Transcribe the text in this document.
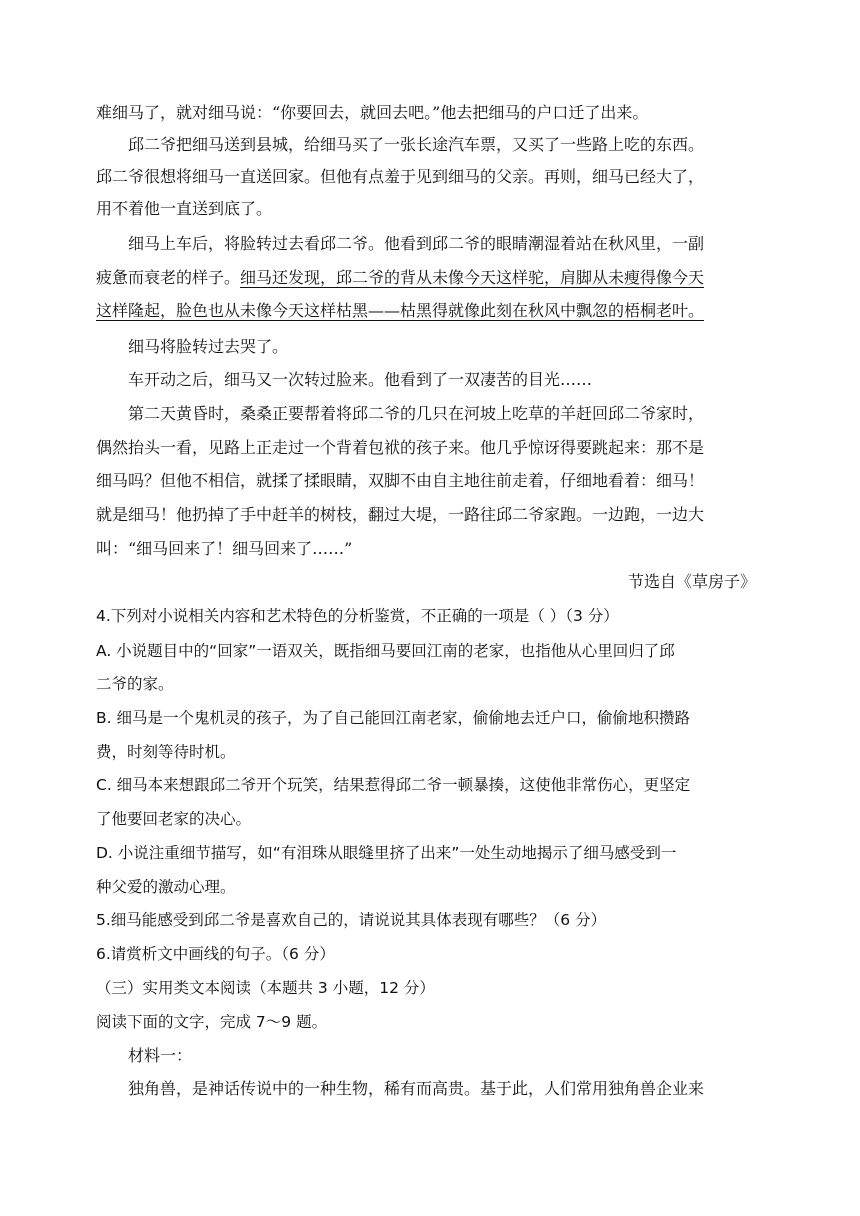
难细马了，就对细马说：“你要回去，就回去吧。”他去把细马的户口迁了出来。
邱二爷把细马送到县城，给细马买了一张长途汽车票，又买了一些路上吃的东西。
邱二爷很想将细马一直送回家。但他有点羞于见到细马的父亲。再则，细马已经大了，
用不着他一直送到底了。
细马上车后，将脸转过去看邱二爷。他看到邱二爷的眼睛潮湿着站在秋风里，一副
疲惫而衰老的样子。细马还发现，邱二爷的背从未像今天这样驼，肩脚从未瘦得像今天
这样隆起，脸色也从未像今天这样枯黑——枯黑得就像此刻在秋风中飘忽的梧桐老叶。
细马将脸转过去哭了。
车开动之后，细马又一次转过脸来。他看到了一双凄苦的目光……
第二天黄昏时，桑桑正要帮着将邱二爷的几只在河坡上吃草的羊赶回邱二爷家时，
偶然抬头一看，见路上正走过一个背着包袱的孩子来。他几乎惊讶得要跳起来：那不是
细马吗？但他不相信，就揉了揉眼睛，双脚不由自主地往前走着，仔细地看着：细马！
就是细马！他扔掉了手中赶羊的树枝，翻过大堤，一路往邱二爷家跑。一边跑，一边大
叫：“细马回来了！细马回来了……”
节选自《草房子》
4.下列对小说相关内容和艺术特色的分析鉴赏，不正确的一项是（ ）（3 分）
A. 小说题目中的“回家”一语双关，既指细马要回江南的老家，也指他从心里回归了邱
二爷的家。
B. 细马是一个鬼机灵的孩子，为了自己能回江南老家，偷偷地去迁户口，偷偷地积攒路
费，时刻等待时机。
C. 细马本来想跟邱二爷开个玩笑，结果惹得邱二爷一顿暴揍，这使他非常伤心，更坚定
了他要回老家的决心。
D. 小说注重细节描写，如“有泪珠从眼缝里挤了出来”一处生动地揭示了细马感受到一
种父爱的激动心理。
5.细马能感受到邱二爷是喜欢自己的，请说说其具体表现有哪些？（6 分）
6.请赏析文中画线的句子。（6 分）
（三）实用类文本阅读（本题共 3 小题，12 分）
阅读下面的文字，完成 7～9 题。
材料一：
独角兽，是神话传说中的一种生物，稀有而高贵。基于此，人们常用独角兽企业来
